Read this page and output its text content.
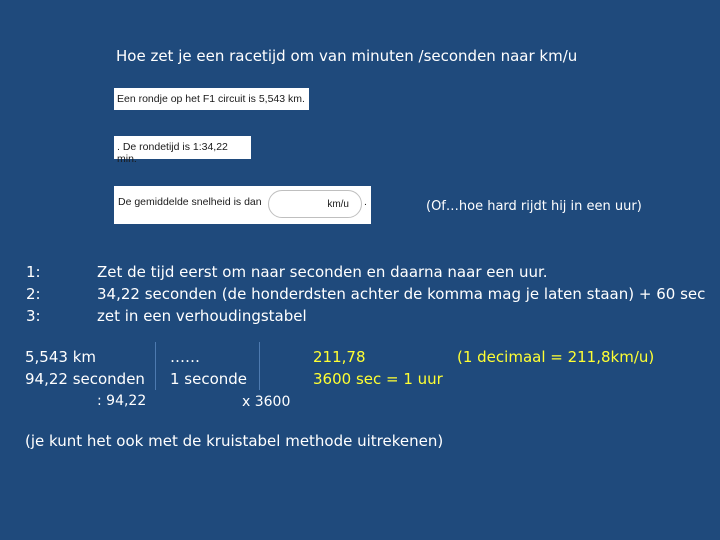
Hoe zet je een racetijd om van minuten /seconden naar km/u
Een rondje op het F1 circuit is 5,543 km.
. De rondetijd is 1:34,22 min.
De gemiddelde snelheid is dan	km/u .	(Of…hoe hard rijdt hij in een uur)
1:
2:
3:
Zet de tijd eerst om naar seconden en daarna naar een uur.
34,22 seconden (de honderdsten achter de komma mag je laten staan) + 60 sec
zet in een verhoudingstabel
5,543 km
94,22 seconden
: 94,22
……
1 seconde
x 3600
211,78
3600 sec = 1 uur
(1 decimaal = 211,8km/u)
(je kunt het ook met de kruistabel methode uitrekenen)
